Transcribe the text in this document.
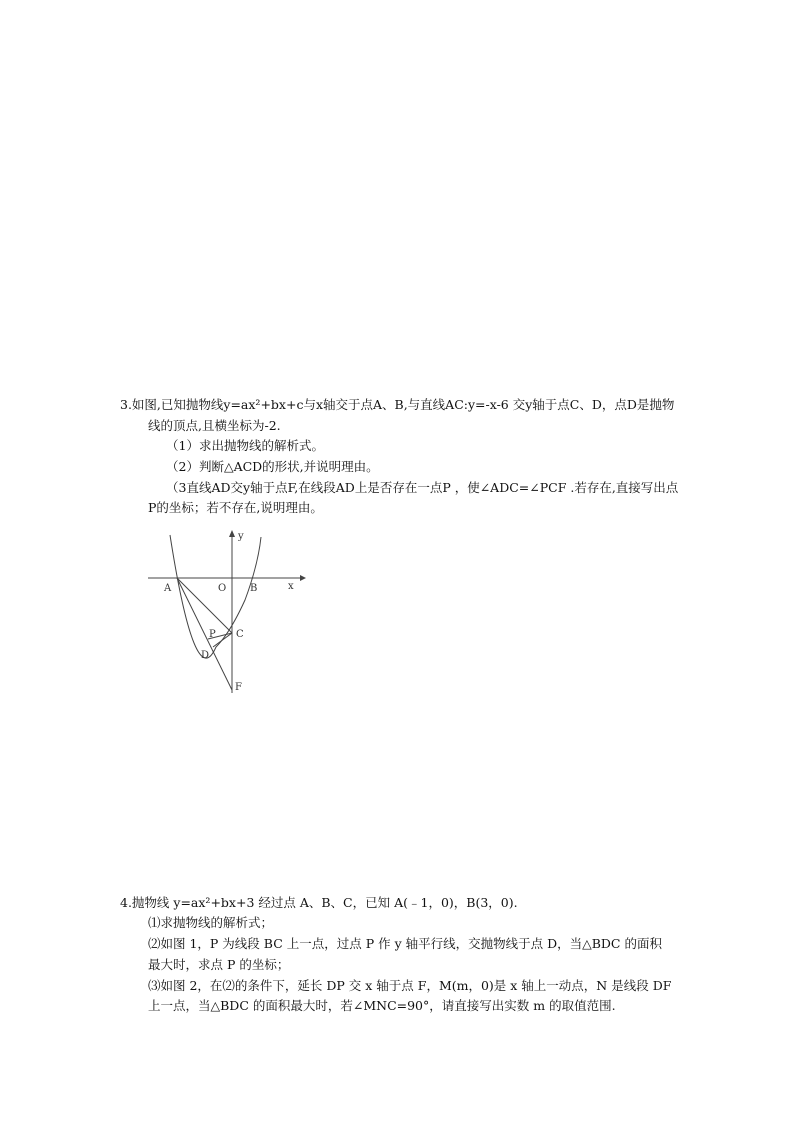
3.如图,已知抛物线y=ax²+bx+c与x轴交于点A、B,与直线AC:y=-x-6 交y轴于点C、D，点D是抛物
线的顶点,且横坐标为-2.
（1）求出抛物线的解析式。
（2）判断△ACD的形状,并说明理由。
（3直线AD交y轴于点F,在线段AD上是否存在一点P ，使∠ADC=∠PCF .若存在,直接写出点
P的坐标；若不存在,说明理由。
y
x
A	O B
C
P
D
F
4.抛物线 y=ax²+bx+3 经过点 A、B、C，已知 A(﹣1，0)，B(3，0).
⑴求抛物线的解析式；
⑵如图 1，P 为线段 BC 上一点，过点 P 作 y 轴平行线，交抛物线于点 D，当△BDC 的面积
最大时，求点 P 的坐标；
⑶如图 2，在⑵的条件下，延长 DP 交 x 轴于点 F，M(m，0)是 x 轴上一动点，N 是线段 DF
上一点，当△BDC 的面积最大时，若∠MNC=90°，请直接写出实数 m 的取值范围.
